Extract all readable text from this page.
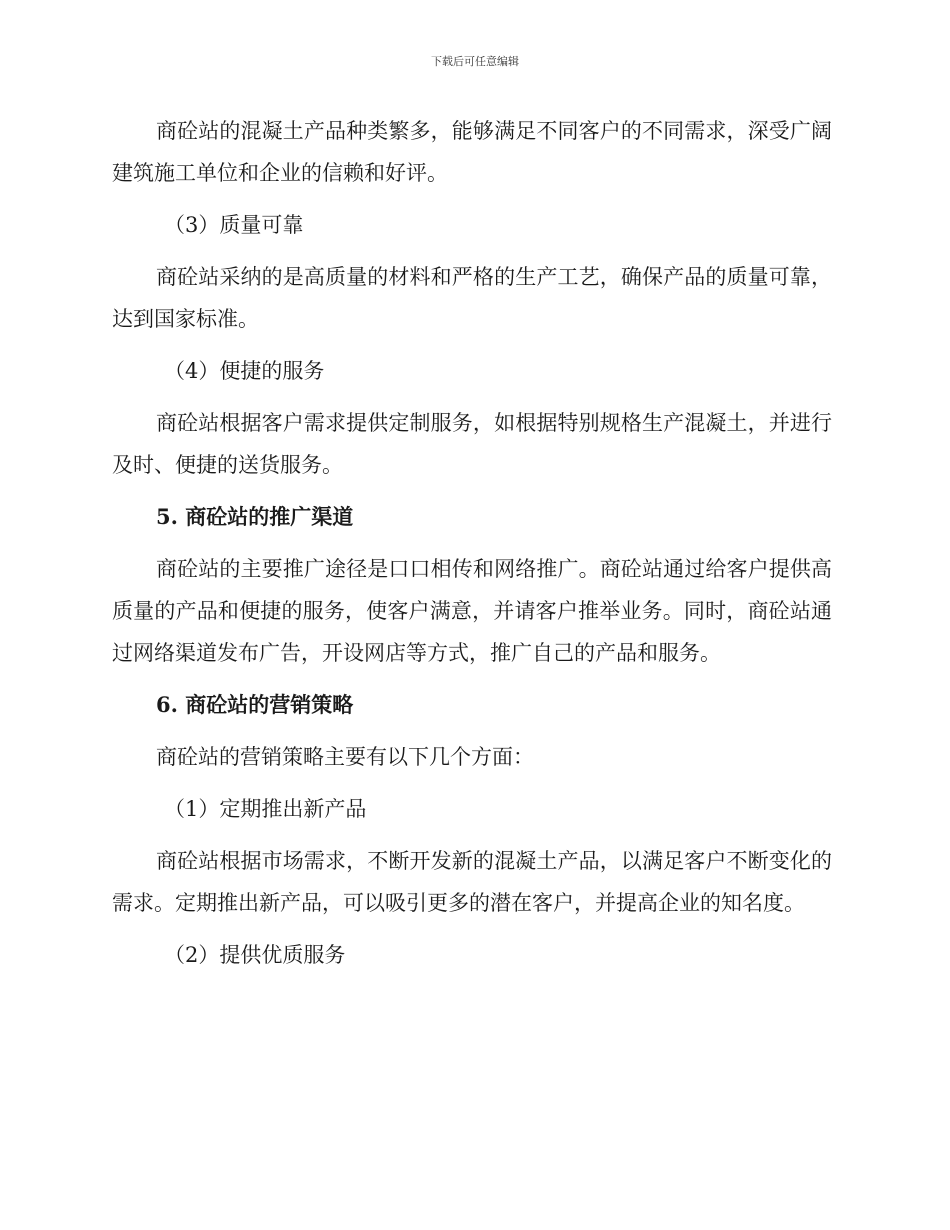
下载后可任意编辑

商砼站的混凝土产品种类繁多，能够满足不同客户的不同需求，深受广阔建筑施工单位和企业的信赖和好评。

（3）质量可靠

商砼站采纳的是高质量的材料和严格的生产工艺，确保产品的质量可靠，达到国家标准。

（4）便捷的服务

商砼站根据客户需求提供定制服务，如根据特别规格生产混凝土，并进行及时、便捷的送货服务。

5. 商砼站的推广渠道

商砼站的主要推广途径是口口相传和网络推广。商砼站通过给客户提供高质量的产品和便捷的服务，使客户满意，并请客户推举业务。同时，商砼站通过网络渠道发布广告，开设网店等方式，推广自己的产品和服务。

6. 商砼站的营销策略

商砼站的营销策略主要有以下几个方面：

（1）定期推出新产品

商砼站根据市场需求，不断开发新的混凝土产品，以满足客户不断变化的需求。定期推出新产品，可以吸引更多的潜在客户，并提高企业的知名度。

（2）提供优质服务
